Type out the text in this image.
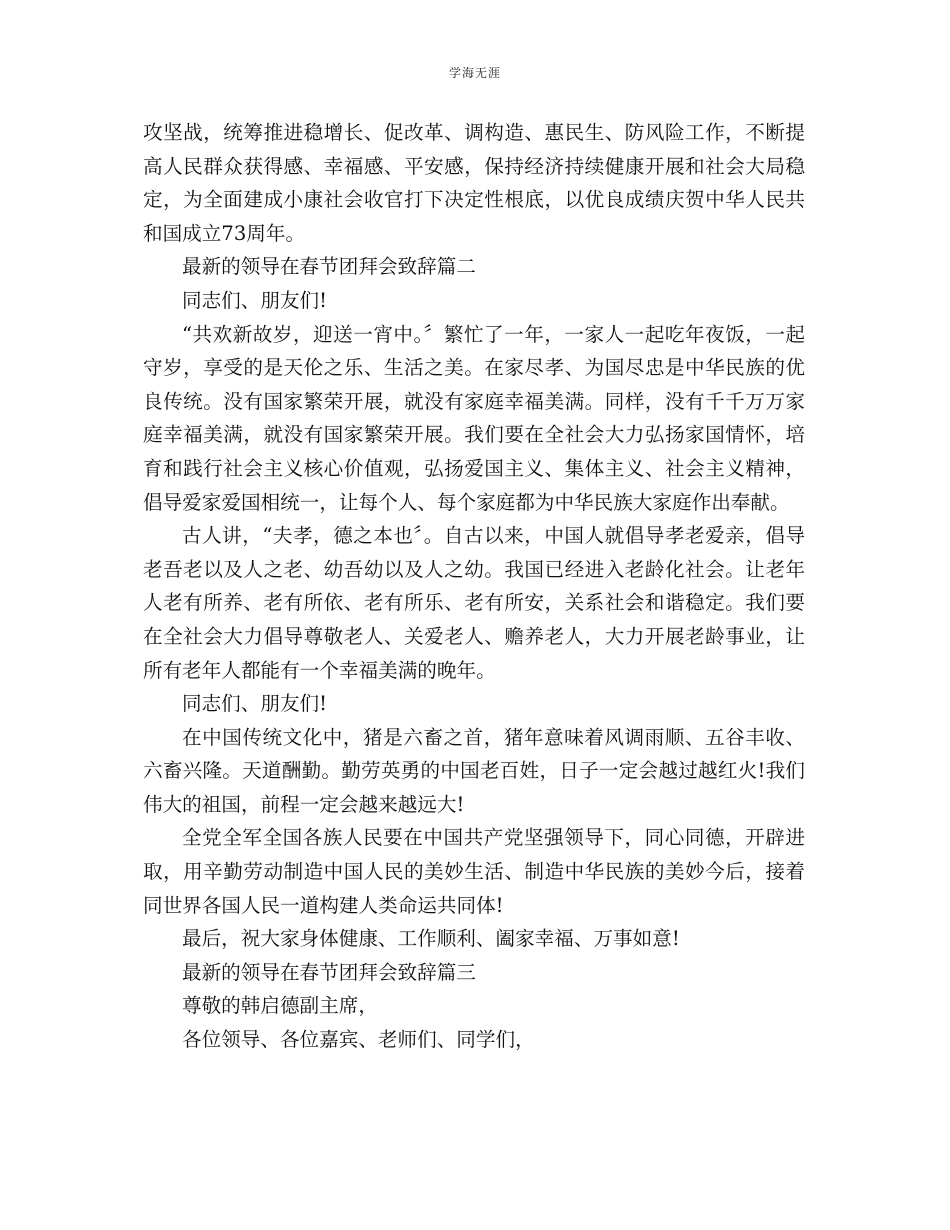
学海无涯

攻坚战，统筹推进稳增长、促改革、调构造、惠民生、防风险工作，不断提高人民群众获得感、幸福感、平安感，保持经济持续健康开展和社会大局稳定，为全面建成小康社会收官打下决定性根底，以优良成绩庆贺中华人民共和国成立73周年。

最新的领导在春节团拜会致辞篇二

同志们、朋友们!

“共欢新故岁，迎送一宵中。〞繁忙了一年，一家人一起吃年夜饭，一起守岁，享受的是天伦之乐、生活之美。在家尽孝、为国尽忠是中华民族的优良传统。没有国家繁荣开展，就没有家庭幸福美满。同样，没有千千万万家庭幸福美满，就没有国家繁荣开展。我们要在全社会大力弘扬家国情怀，培育和践行社会主义核心价值观，弘扬爱国主义、集体主义、社会主义精神，倡导爱家爱国相统一，让每个人、每个家庭都为中华民族大家庭作出奉献。

古人讲，“夫孝，德之本也〞。自古以来，中国人就倡导孝老爱亲，倡导老吾老以及人之老、幼吾幼以及人之幼。我国已经进入老龄化社会。让老年人老有所养、老有所依、老有所乐、老有所安，关系社会和谐稳定。我们要在全社会大力倡导尊敬老人、关爱老人、赡养老人，大力开展老龄事业，让所有老年人都能有一个幸福美满的晚年。

同志们、朋友们!

在中国传统文化中，猪是六畜之首，猪年意味着风调雨顺、五谷丰收、六畜兴隆。天道酬勤。勤劳英勇的中国老百姓，日子一定会越过越红火!我们伟大的祖国，前程一定会越来越远大!

全党全军全国各族人民要在中国共产党坚强领导下，同心同德，开辟进取，用辛勤劳动制造中国人民的美妙生活、制造中华民族的美妙今后，接着同世界各国人民一道构建人类命运共同体!

最后，祝大家身体健康、工作顺利、阖家幸福、万事如意!

最新的领导在春节团拜会致辞篇三

尊敬的韩启德副主席，

各位领导、各位嘉宾、老师们、同学们，
